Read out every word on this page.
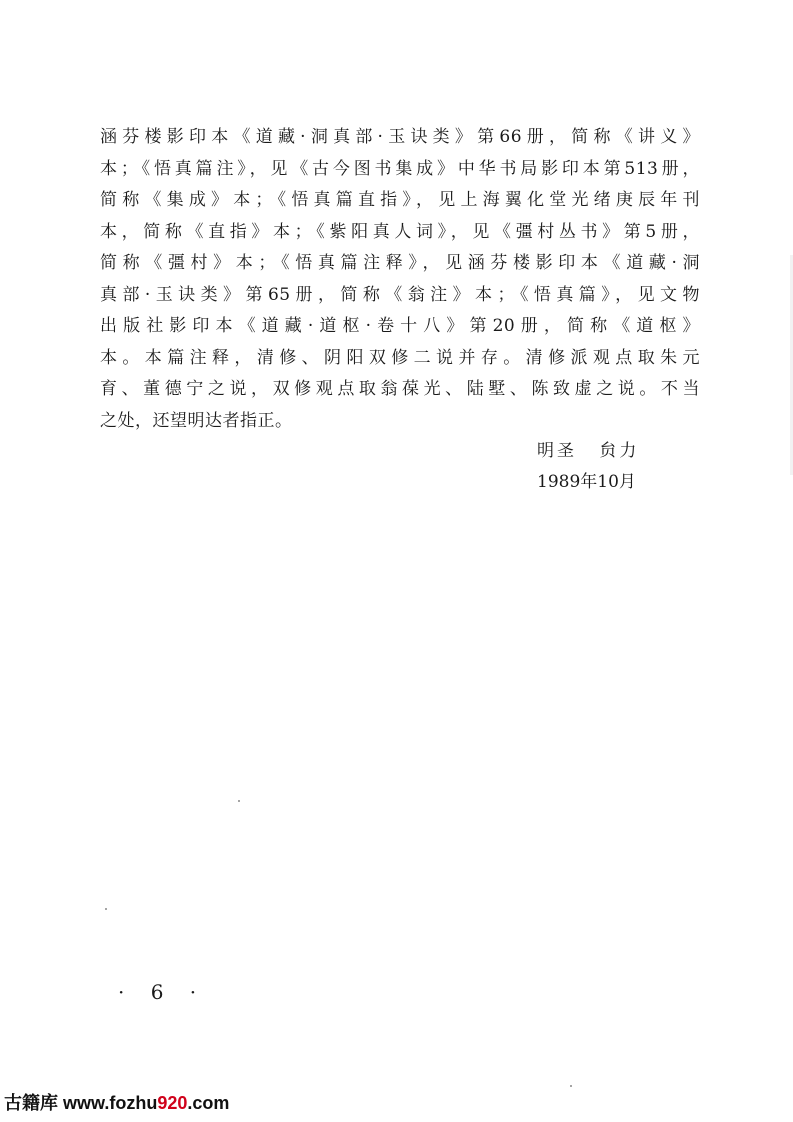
涵芬楼影印本《道藏·洞真部·玉诀类》第66册，简称《讲义》
本；《悟真篇注》，见《古今图书集成》中华书局影印本第513册，
简称《集成》本；《悟真篇直指》，见上海翼化堂光绪庚辰年刊
本，简称《直指》本；《紫阳真人词》，见《彊村丛书》第5册，
简称《彊村》本；《悟真篇注释》，见涵芬楼影印本《道藏·洞
真部·玉诀类》第65册，简称《翁注》本；《悟真篇》，见文物
出版社影印本《道藏·道枢·卷十八》第20册，简称《道枢》
本。本篇注释，清修、阴阳双修二说并存。清修派观点取朱元
育、董德宁之说，双修观点取翁葆光、陆墅、陈致虚之说。不当
之处，还望明达者指正。
明圣 贠力
1989年10月
· 6 ·
古籍库 www.fozhu920.com
